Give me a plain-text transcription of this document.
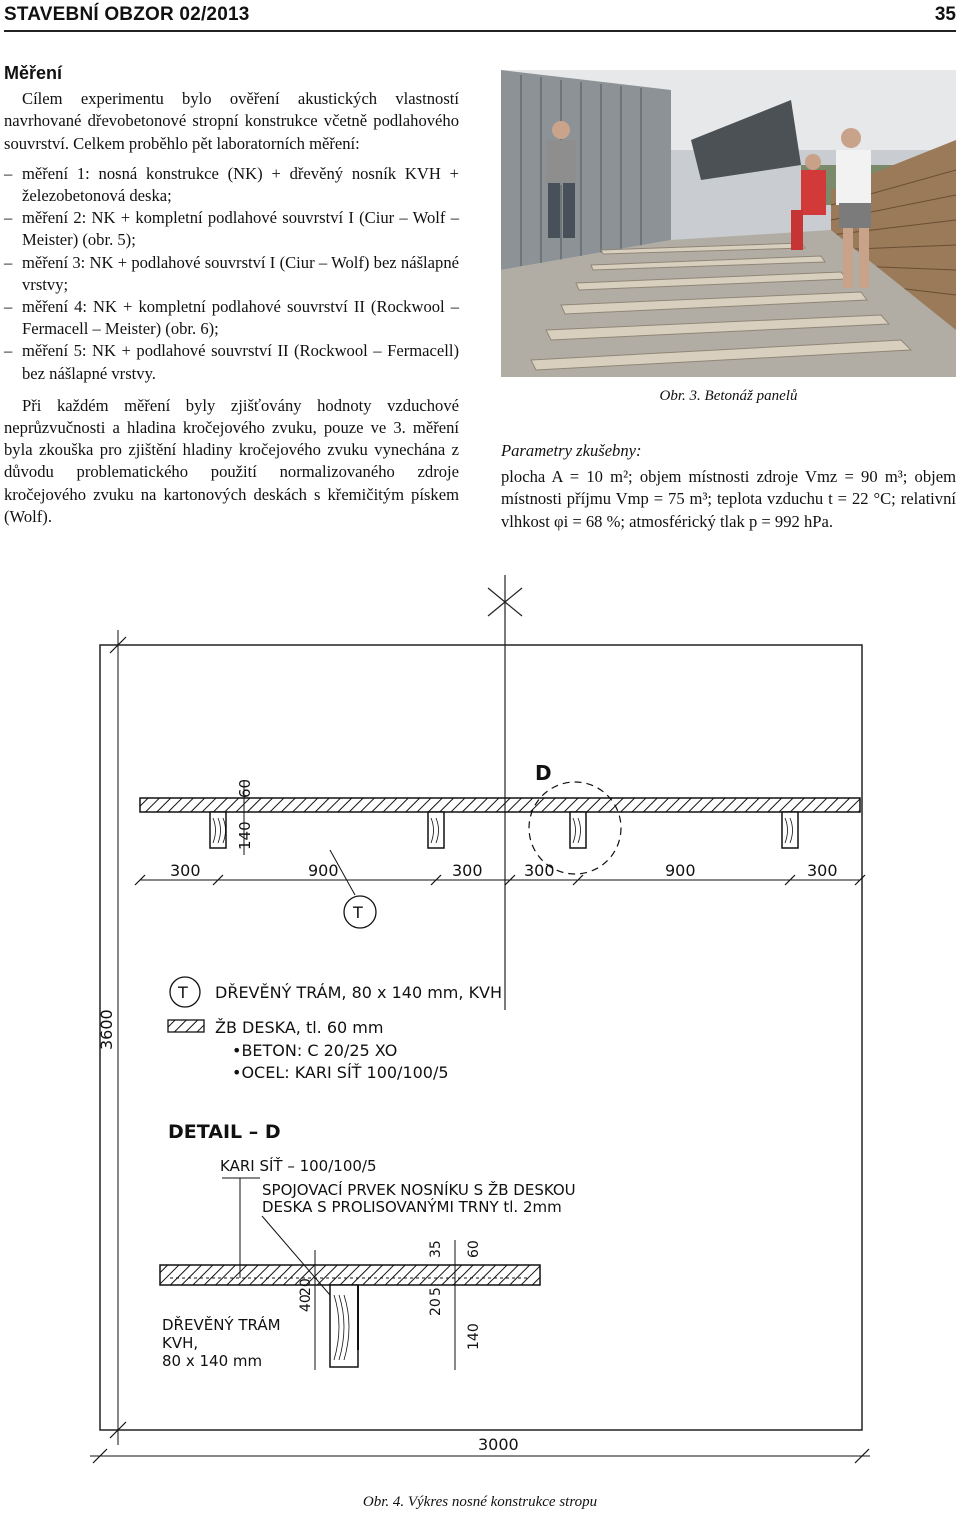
STAVEBNÍ OBZOR 02/2013	35
Měření

Cílem experimentu bylo ověření akustických vlastností navrhované dřevobetonové stropní konstrukce včetně podlahového souvrství. Celkem proběhlo pět laboratorních měření:

– měření 1: nosná konstrukce (NK) + dřevěný nosník KVH + železobetonová deska;
– měření 2: NK + kompletní podlahové souvrství I (Ciur – Wolf – Meister) (obr. 5);
– měření 3: NK + podlahové souvrství I (Ciur – Wolf) bez nášlapné vrstvy;
– měření 4: NK + kompletní podlahové souvrství II (Rockwool – Fermacell – Meister) (obr. 6);
– měření 5: NK + podlahové souvrství II (Rockwool – Fermacell) bez nášlapné vrstvy.

Při každém měření byly zjišťovány hodnoty vzduchové neprůzvučnosti a hladina kročejového zvuku, pouze ve 3. měření byla zkouška pro zjištění hladiny kročejového zvuku vynechána z důvodu problematického použití normalizovaného zdroje kročejového zvuku na kartonových deskách s křemičitým pískem (Wolf).

Obr. 3. Betonáž panelů
Parametry zkušebny:

plocha A = 10 m²; objem místnosti zdroje Vmz = 90 m³; objem místnosti příjmu Vmp = 75 m³; teplota vzduchu t = 22 °C; relativní vlhkost φi = 68 %; atmosférický tlak p = 992 hPa.

D
60
140
300	900	300	300	900	300
T
T DŘEVĚNÝ TRÁM, 80 x 140 mm, KVH
ŽB DESKA, tl. 60 mm
•BETON: C 20/25 XO
•OCEL: KARI SÍŤ 100/100/5
DETAIL – D
KARI SÍŤ – 100/100/5
SPOJOVACÍ PRVEK NOSNÍKU S ŽB DESKOU
DESKA S PROLISOVANÝMI TRNY tl. 2mm
35 60
40
20
20
5
140
DŘEVĚNÝ TRÁM
KVH,
80 x 140 mm
3600
3000
Obr. 4. Výkres nosné konstrukce stropu
